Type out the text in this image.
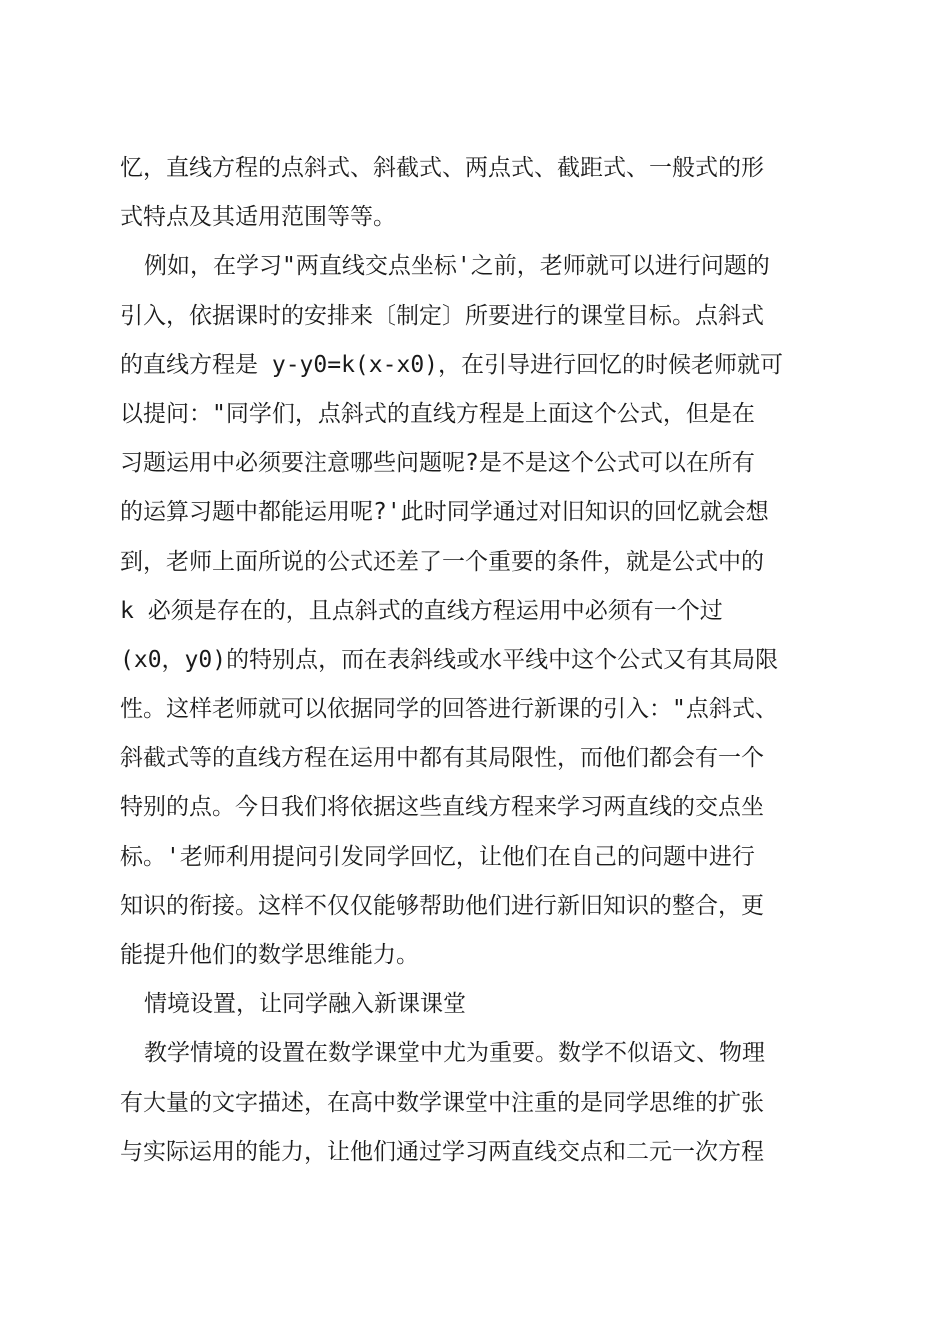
忆，直线方程的点斜式、斜截式、两点式、截距式、一般式的形
式特点及其适用范围等等。
例如，在学习"两直线交点坐标'之前，老师就可以进行问题的
引入，依据课时的安排来〔制定〕所要进行的课堂目标。点斜式
的直线方程是 y-y0=k(x-x0)，在引导进行回忆的时候老师就可
以提问："同学们，点斜式的直线方程是上面这个公式，但是在
习题运用中必须要注意哪些问题呢?是不是这个公式可以在所有
的运算习题中都能运用呢?'此时同学通过对旧知识的回忆就会想
到，老师上面所说的公式还差了一个重要的条件，就是公式中的
k 必须是存在的，且点斜式的直线方程运用中必须有一个过
(x0，y0)的特别点，而在表斜线或水平线中这个公式又有其局限
性。这样老师就可以依据同学的回答进行新课的引入："点斜式、
斜截式等的直线方程在运用中都有其局限性，而他们都会有一个
特别的点。今日我们将依据这些直线方程来学习两直线的交点坐
标。'老师利用提问引发同学回忆，让他们在自己的问题中进行
知识的衔接。这样不仅仅能够帮助他们进行新旧知识的整合，更
能提升他们的数学思维能力。
情境设置，让同学融入新课课堂
教学情境的设置在数学课堂中尤为重要。数学不似语文、物理
有大量的文字描述，在高中数学课堂中注重的是同学思维的扩张
与实际运用的能力，让他们通过学习两直线交点和二元一次方程
